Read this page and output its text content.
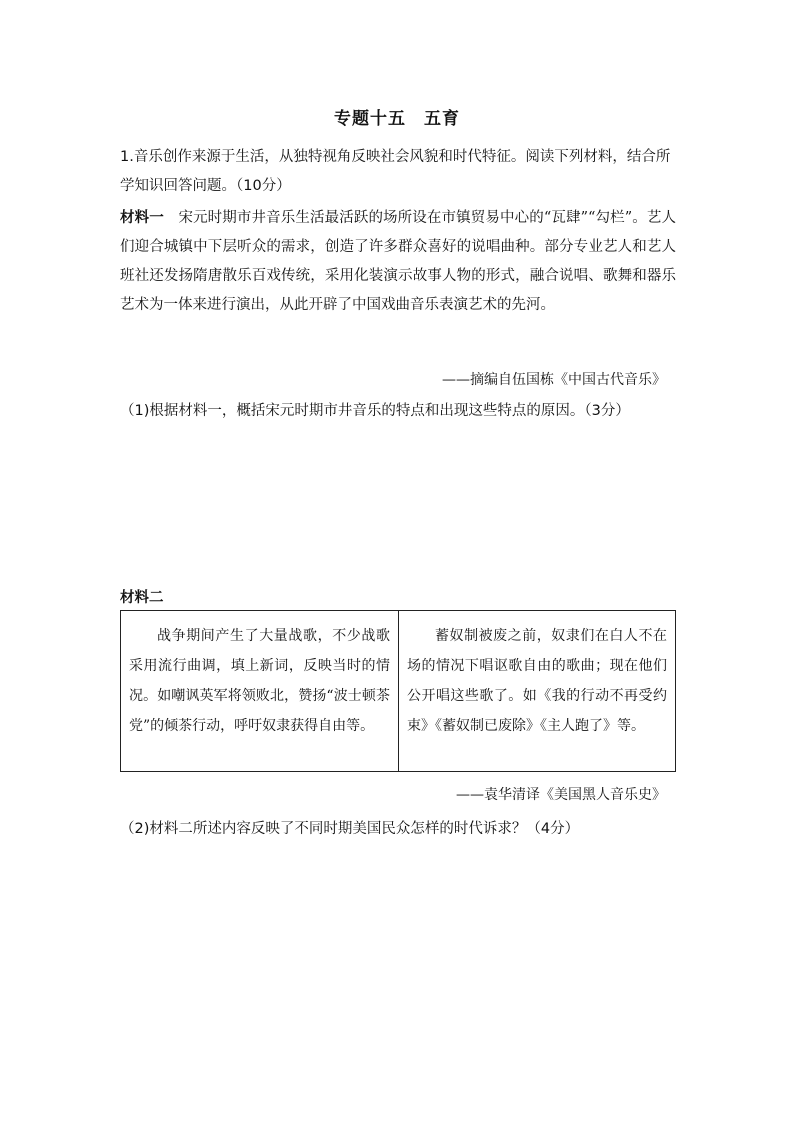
专题十五　五育

1.音乐创作来源于生活，从独特视角反映社会风貌和时代特征。阅读下列材料，结合所学知识回答问题。（10分）

材料一　宋元时期市井音乐生活最活跃的场所设在市镇贸易中心的“瓦肆”“勾栏”。艺人们迎合城镇中下层听众的需求，创造了许多群众喜好的说唱曲种。部分专业艺人和艺人班社还发扬隋唐散乐百戏传统，采用化装演示故事人物的形式，融合说唱、歌舞和器乐艺术为一体来进行演出，从此开辟了中国戏曲音乐表演艺术的先河。

——摘编自伍国栋《中国古代音乐》

（1)根据材料一，概括宋元时期市井音乐的特点和出现这些特点的原因。（3分）

材料二

战争期间产生了大量战歌，不少战歌采用流行曲调，填上新词，反映当时的情况。如嘲讽英军将领败北，赞扬“波士顿茶党”的倾茶行动，呼吁奴隶获得自由等。
蓄奴制被废之前，奴隶们在白人不在场的情况下唱讴歌自由的歌曲；现在他们公开唱这些歌了。如《我的行动不再受约束》《蓄奴制已废除》《主人跑了》等。

——袁华清译《美国黑人音乐史》

（2)材料二所述内容反映了不同时期美国民众怎样的时代诉求？（4分）
